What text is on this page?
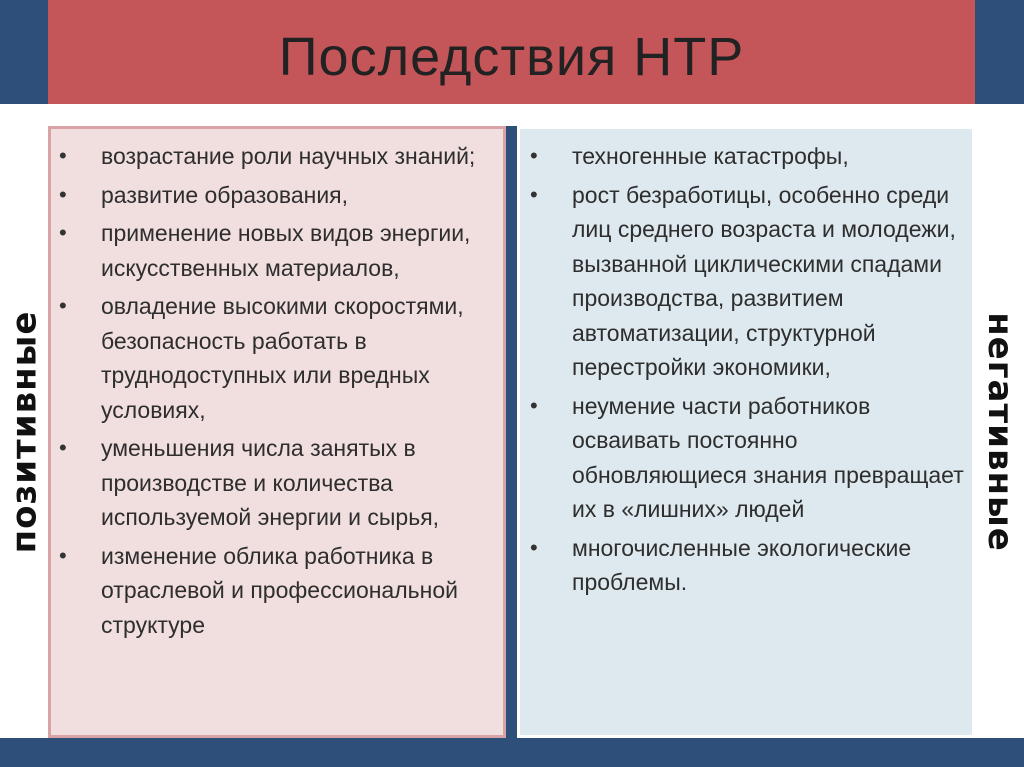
Последствия НТР
позитивные
• возрастание роли научных знаний;
• развитие образования,
• применение новых видов энергии, искусственных материалов,
• овладение высокими скоростями, безопасность работать в труднодоступных или вредных условиях,
• уменьшения числа занятых в производстве и количества используемой энергии и сырья,
• изменение облика работника в отраслевой и профессиональной структуре
• техногенные катастрофы,
• рост безработицы, особенно среди лиц среднего возраста и молодежи, вызванной циклическими спадами производства, развитием автоматизации, структурной перестройки экономики,
• неумение части работников осваивать постоянно обновляющиеся знания превращает их в «лишних» людей
• многочисленные экологические проблемы.
негативные
